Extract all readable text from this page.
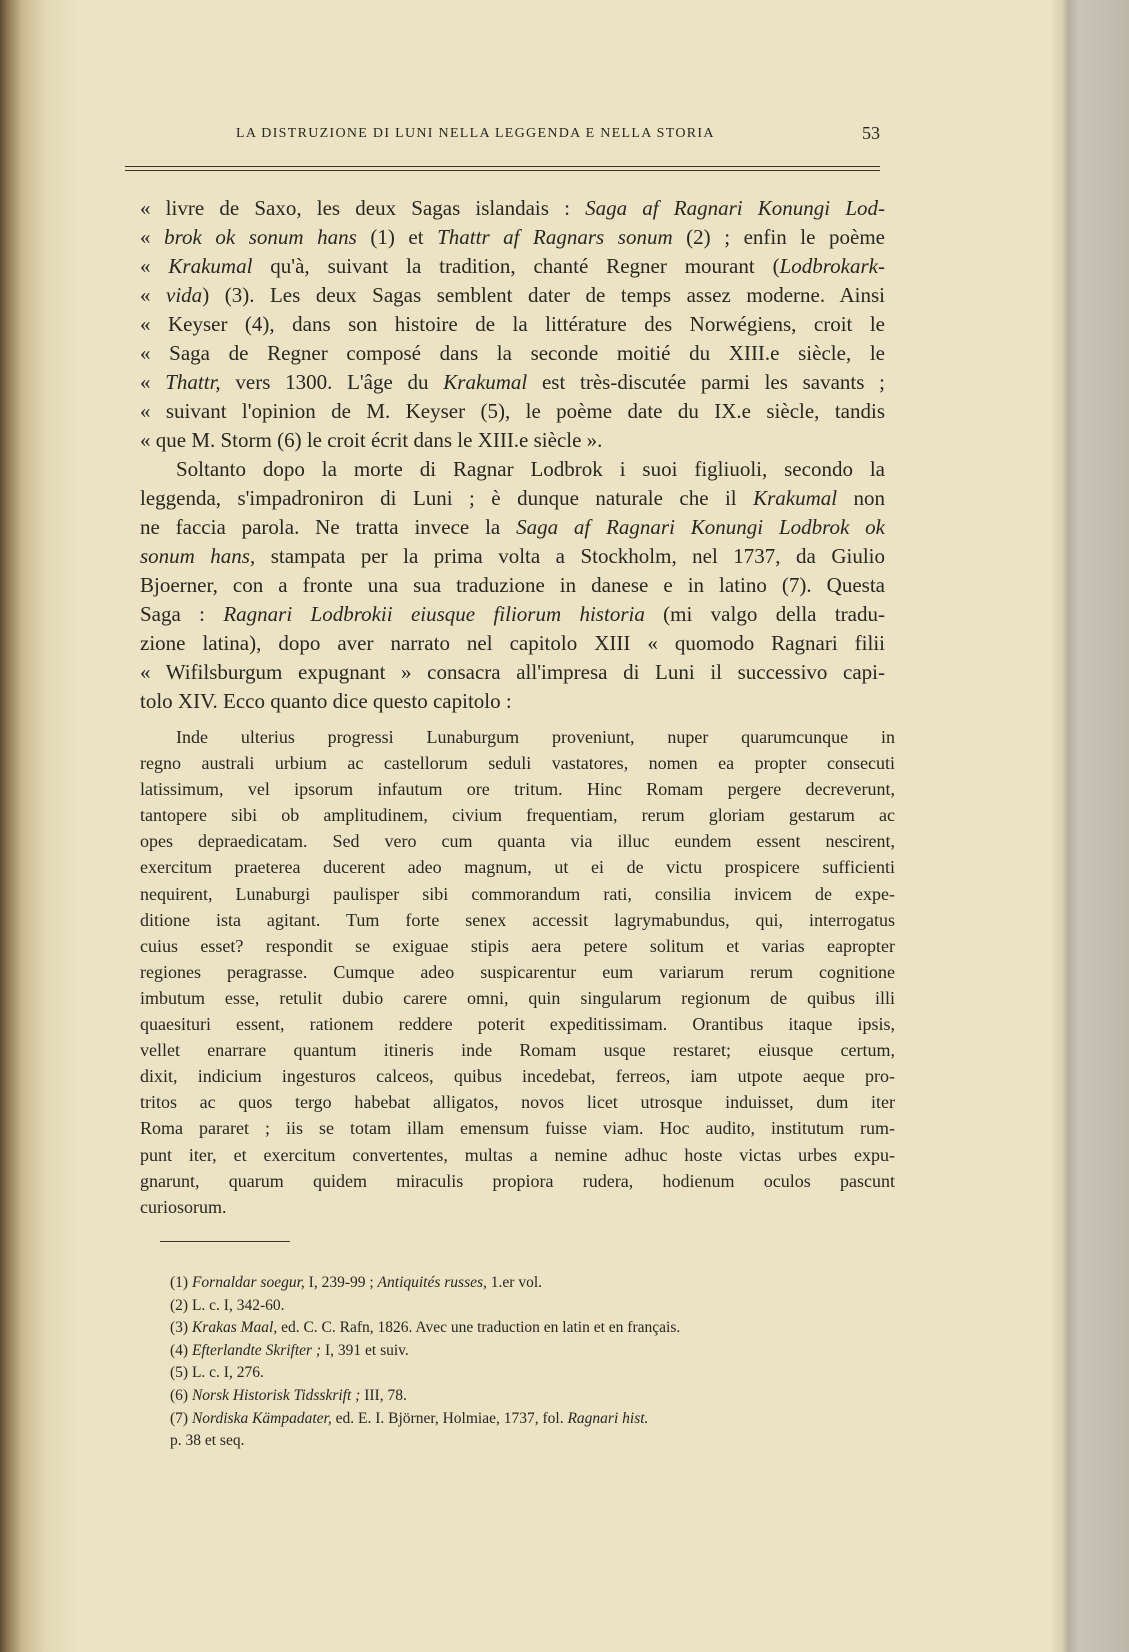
LA DISTRUZIONE DI LUNI NELLA LEGGENDA E NELLA STORIA	53
« livre de Saxo, les deux Sagas islandais : Saga af Ragnari Konungi Lod-
« brok ok sonum hans (1) et Thattr af Ragnars sonum (2) ; enfin le poème
« Krakumal qu'à, suivant la tradition, chanté Regner mourant (Lodbrokark-
« vida) (3). Les deux Sagas semblent dater de temps assez moderne. Ainsi
« Keyser (4), dans son histoire de la littérature des Norwégiens, croit le
« Saga de Regner composé dans la seconde moitié du XIII.e siècle, le
« Thattr, vers 1300. L'âge du Krakumal est très-discutée parmi les savants ;
« suivant l'opinion de M. Keyser (5), le poème date du IX.e siècle, tandis
« que M. Storm (6) le croit écrit dans le XIII.e siècle ».
Soltanto dopo la morte di Ragnar Lodbrok i suoi figliuoli, secondo la
leggenda, s'impadroniron di Luni ; è dunque naturale che il Krakumal non
ne faccia parola. Ne tratta invece la Saga af Ragnari Konungi Lodbrok ok
sonum hans, stampata per la prima volta a Stockholm, nel 1737, da Giulio
Bjoerner, con a fronte una sua traduzione in danese e in latino (7). Questa
Saga : Ragnari Lodbrokii eiusque filiorum historia (mi valgo della tradu-
zione latina), dopo aver narrato nel capitolo XIII « quomodo Ragnari filii
« Wifilsburgum expugnant » consacra all'impresa di Luni il successivo capi-
tolo XIV. Ecco quanto dice questo capitolo :
Inde ulterius progressi Lunaburgum proveniunt, nuper quarumcunque in
regno australi urbium ac castellorum seduli vastatores, nomen ea propter consecuti
latissimum, vel ipsorum infautum ore tritum. Hinc Romam pergere decreverunt,
tantopere sibi ob amplitudinem, civium frequentiam, rerum gloriam gestarum ac
opes depraedicatam. Sed vero cum quanta via illuc eundem essent nescirent,
exercitum praeterea ducerent adeo magnum, ut ei de victu prospicere sufficienti
nequirent, Lunaburgi paulisper sibi commorandum rati, consilia invicem de expe-
ditione ista agitant. Tum forte senex accessit lagrymabundus, qui, interrogatus
cuius esset? respondit se exiguae stipis aera petere solitum et varias eapropter
regiones peragrasse. Cumque adeo suspicarentur eum variarum rerum cognitione
imbutum esse, retulit dubio carere omni, quin singularum regionum de quibus illi
quaesituri essent, rationem reddere poterit expeditissimam. Orantibus itaque ipsis,
vellet enarrare quantum itineris inde Romam usque restaret; eiusque certum,
dixit, indicium ingesturos calceos, quibus incedebat, ferreos, iam utpote aeque pro-
tritos ac quos tergo habebat alligatos, novos licet utrosque induisset, dum iter
Roma pararet ; iis se totam illam emensum fuisse viam. Hoc audito, institutum rum-
punt iter, et exercitum convertentes, multas a nemine adhuc hoste victas urbes expu-
gnarunt, quarum quidem miraculis propiora rudera, hodienum oculos pascunt
curiosorum.
(1) Fornaldar soegur, I, 239-99 ; Antiquités russes, 1.er vol.
(2) L. c. I, 342-60.
(3) Krakas Maal, ed. C. C. Rafn, 1826. Avec une traduction en latin et en français.
(4) Efterlandte Skrifter ; I, 391 et suiv.
(5) L. c. I, 276.
(6) Norsk Historisk Tidsskrift ; III, 78.
(7) Nordiska Kämpadater, ed. E. I. Björner, Holmiae, 1737, fol. Ragnari hist.
p. 38 et seq.
